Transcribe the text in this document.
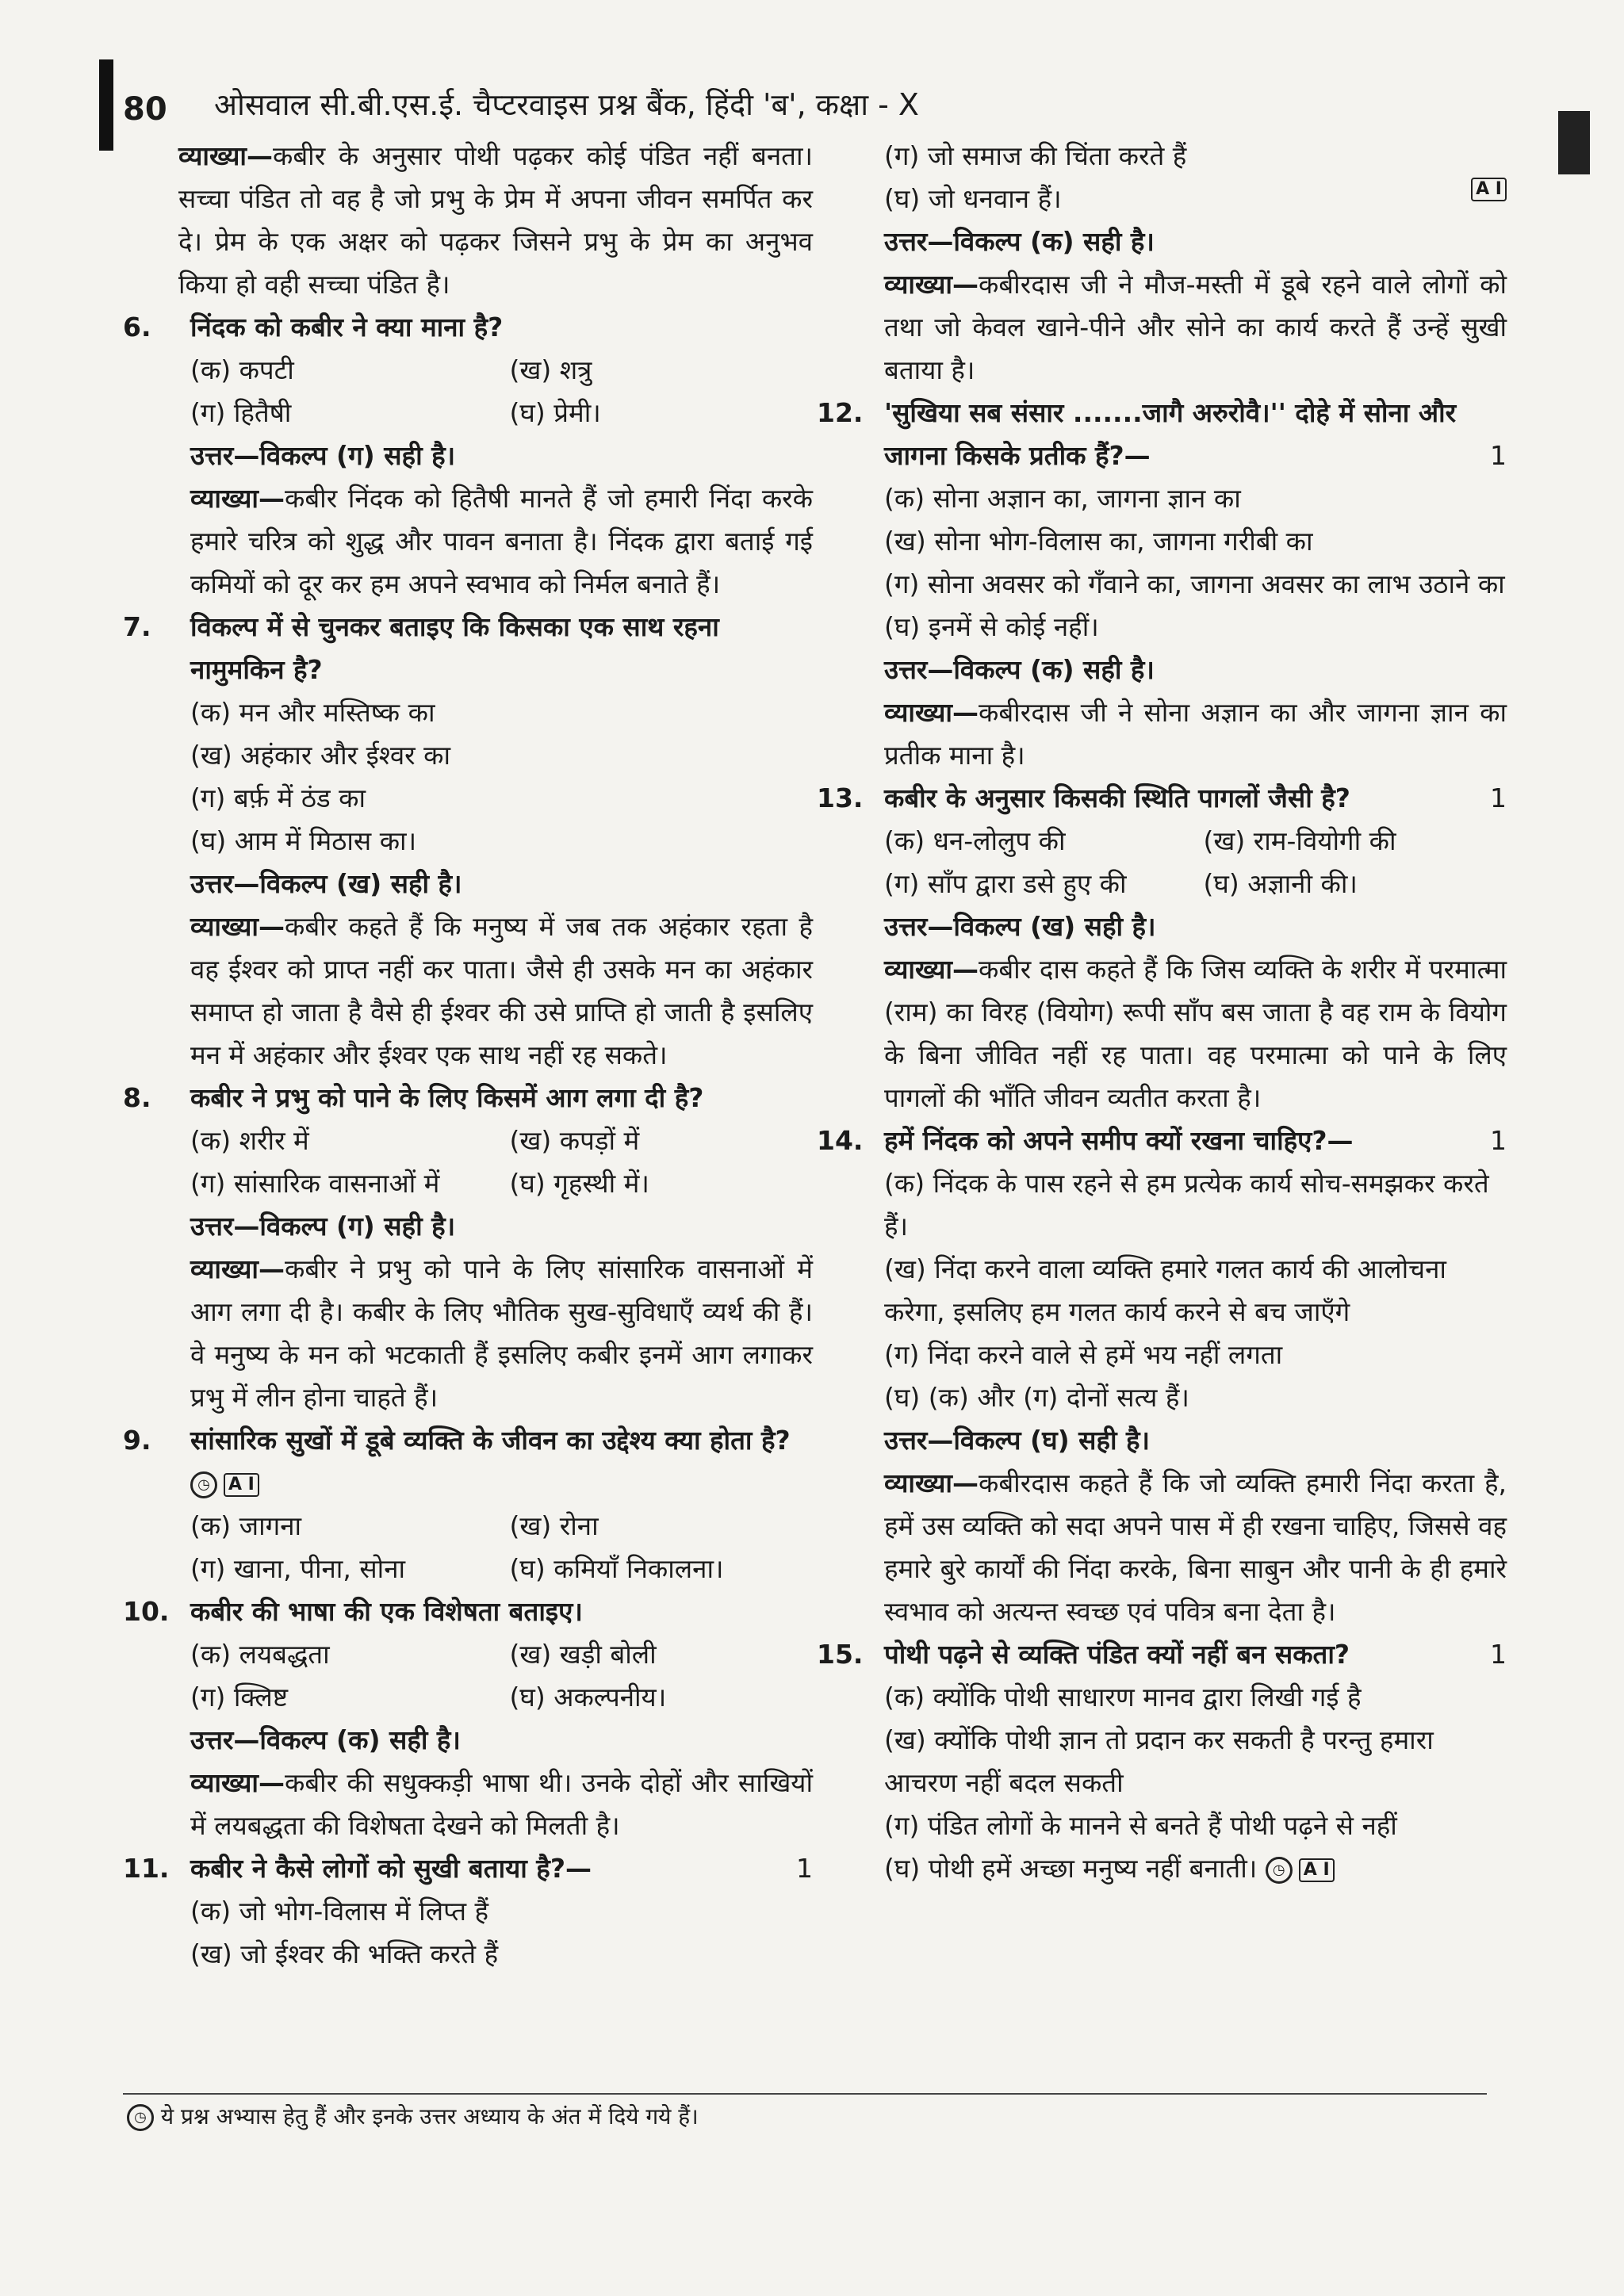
80 ओसवाल सी.बी.एस.ई. चैप्टरवाइस प्रश्न बैंक, हिंदी 'ब', कक्षा - X
व्याख्या—कबीर के अनुसार पोथी पढ़कर कोई पंडित नहीं बनता। सच्चा पंडित तो वह है जो प्रभु के प्रेम में अपना जीवन समर्पित कर दे। प्रेम के एक अक्षर को पढ़कर जिसने प्रभु के प्रेम का अनुभव किया हो वही सच्चा पंडित है।
6. निंदक को कबीर ने क्या माना है?
(क) कपटी	(ख) शत्रु
(ग) हितैषी	(घ) प्रेमी।
उत्तर—विकल्प (ग) सही है।
व्याख्या—कबीर निंदक को हितैषी मानते हैं जो हमारी निंदा करके हमारे चरित्र को शुद्ध और पावन बनाता है। निंदक द्वारा बताई गई कमियों को दूर कर हम अपने स्वभाव को निर्मल बनाते हैं।
7. विकल्प में से चुनकर बताइए कि किसका एक साथ रहना नामुमकिन है?
(क) मन और मस्तिष्क का
(ख) अहंकार और ईश्वर का
(ग) बर्फ़ में ठंड का
(घ) आम में मिठास का।
उत्तर—विकल्प (ख) सही है।
व्याख्या—कबीर कहते हैं कि मनुष्य में जब तक अहंकार रहता है वह ईश्वर को प्राप्त नहीं कर पाता। जैसे ही उसके मन का अहंकार समाप्त हो जाता है वैसे ही ईश्वर की उसे प्राप्ति हो जाती है इसलिए मन में अहंकार और ईश्वर एक साथ नहीं रह सकते।
8. कबीर ने प्रभु को पाने के लिए किसमें आग लगा दी है?
(क) शरीर में	(ख) कपड़ों में
(ग) सांसारिक वासनाओं में	(घ) गृहस्थी में।
उत्तर—विकल्प (ग) सही है।
व्याख्या—कबीर ने प्रभु को पाने के लिए सांसारिक वासनाओं में आग लगा दी है। कबीर के लिए भौतिक सुख-सुविधाएँ व्यर्थ की हैं। वे मनुष्य के मन को भटकाती हैं इसलिए कबीर इनमें आग लगाकर प्रभु में लीन होना चाहते हैं।
9. सांसारिक सुखों में डूबे व्यक्ति के जीवन का उद्देश्य क्या होता है? ◷ A I
(क) जागना	(ख) रोना
(ग) खाना, पीना, सोना	(घ) कमियाँ निकालना।
10. कबीर की भाषा की एक विशेषता बताइए।
(क) लयबद्धता	(ख) खड़ी बोली
(ग) क्लिष्ट	(घ) अकल्पनीय।
उत्तर—विकल्प (क) सही है।
व्याख्या—कबीर की सधुक्कड़ी भाषा थी। उनके दोहों और साखियों में लयबद्धता की विशेषता देखने को मिलती है।
11. कबीर ने कैसे लोगों को सुखी बताया है?—	1
(क) जो भोग-विलास में लिप्त हैं
(ख) जो ईश्वर की भक्ति करते हैं
(ग) जो समाज की चिंता करते हैं
(घ) जो धनवान हैं।	A I
उत्तर—विकल्प (क) सही है।
व्याख्या—कबीरदास जी ने मौज-मस्ती में डूबे रहने वाले लोगों को तथा जो केवल खाने-पीने और सोने का कार्य करते हैं उन्हें सुखी बताया है।
12. 'सुखिया सब संसार .......जागै अरुरोवै।'' दोहे में सोना और जागना किसके प्रतीक हैं?—	1
(क) सोना अज्ञान का, जागना ज्ञान का
(ख) सोना भोग-विलास का, जागना गरीबी का
(ग) सोना अवसर को गँवाने का, जागना अवसर का लाभ उठाने का
(घ) इनमें से कोई नहीं।
उत्तर—विकल्प (क) सही है।
व्याख्या—कबीरदास जी ने सोना अज्ञान का और जागना ज्ञान का प्रतीक माना है।
13. कबीर के अनुसार किसकी स्थिति पागलों जैसी है?	1
(क) धन-लोलुप की	(ख) राम-वियोगी की
(ग) साँप द्वारा डसे हुए की	(घ) अज्ञानी की।
उत्तर—विकल्प (ख) सही है।
व्याख्या—कबीर दास कहते हैं कि जिस व्यक्ति के शरीर में परमात्मा (राम) का विरह (वियोग) रूपी साँप बस जाता है वह राम के वियोग के बिना जीवित नहीं रह पाता। वह परमात्मा को पाने के लिए पागलों की भाँति जीवन व्यतीत करता है।
14. हमें निंदक को अपने समीप क्यों रखना चाहिए?—	1
(क) निंदक के पास रहने से हम प्रत्येक कार्य सोच-समझकर करते हैं।
(ख) निंदा करने वाला व्यक्ति हमारे गलत कार्य की आलोचना करेगा, इसलिए हम गलत कार्य करने से बच जाएँगे
(ग) निंदा करने वाले से हमें भय नहीं लगता
(घ) (क) और (ग) दोनों सत्य हैं।
उत्तर—विकल्प (घ) सही है।
व्याख्या—कबीरदास कहते हैं कि जो व्यक्ति हमारी निंदा करता है, हमें उस व्यक्ति को सदा अपने पास में ही रखना चाहिए, जिससे वह हमारे बुरे कार्यों की निंदा करके, बिना साबुन और पानी के ही हमारे स्वभाव को अत्यन्त स्वच्छ एवं पवित्र बना देता है।
15. पोथी पढ़ने से व्यक्ति पंडित क्यों नहीं बन सकता?	1
(क) क्योंकि पोथी साधारण मानव द्वारा लिखी गई है
(ख) क्योंकि पोथी ज्ञान तो प्रदान कर सकती है परन्तु हमारा आचरण नहीं बदल सकती
(ग) पंडित लोगों के मानने से बनते हैं पोथी पढ़ने से नहीं
(घ) पोथी हमें अच्छा मनुष्य नहीं बनाती। ◷ A I
◷ ये प्रश्न अभ्यास हेतु हैं और इनके उत्तर अध्याय के अंत में दिये गये हैं।
